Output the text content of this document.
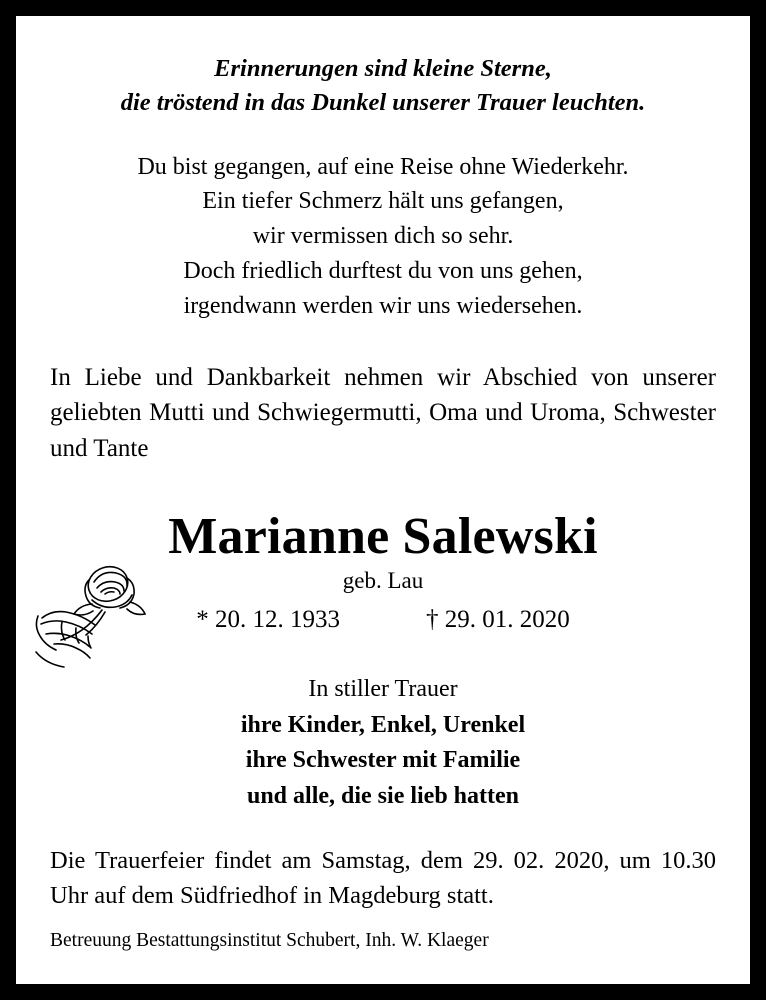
Erinnerungen sind kleine Sterne,
die tröstend in das Dunkel unserer Trauer leuchten.
Du bist gegangen, auf eine Reise ohne Wiederkehr.
Ein tiefer Schmerz hält uns gefangen,
wir vermissen dich so sehr.
Doch friedlich durftest du von uns gehen,
irgendwann werden wir uns wiedersehen.
In Liebe und Dankbarkeit nehmen wir Abschied von unserer geliebten Mutti und Schwiegermutti, Oma und Uroma, Schwester und Tante
Marianne Salewski
geb. Lau
* 20. 12. 1933	† 29. 01. 2020
In stiller Trauer
ihre Kinder, Enkel, Urenkel
ihre Schwester mit Familie
und alle, die sie lieb hatten
Die Trauerfeier findet am Samstag, dem 29. 02. 2020, um 10.30 Uhr auf dem Südfriedhof in Magdeburg statt.
Betreuung Bestattungsinstitut Schubert, Inh. W. Klaeger
